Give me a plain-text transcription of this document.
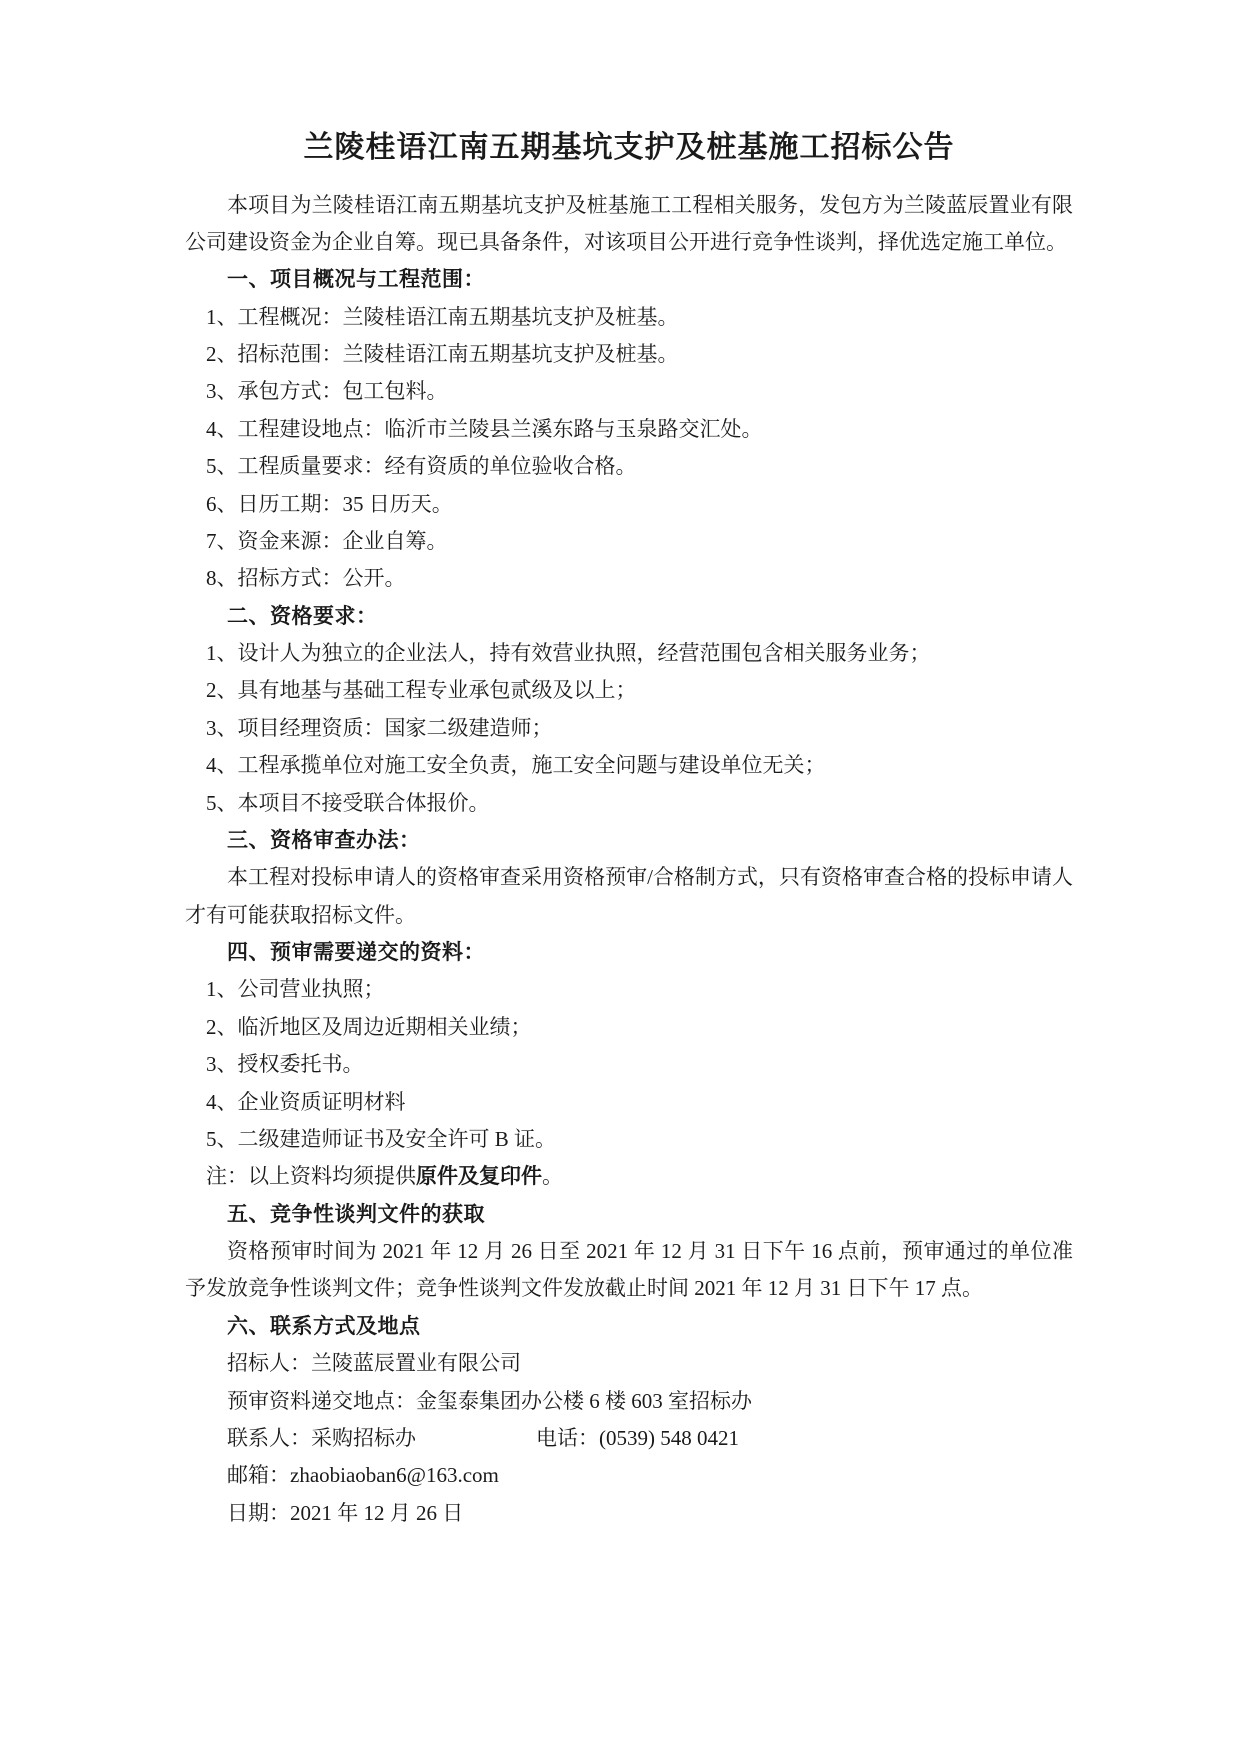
兰陵桂语江南五期基坑支护及桩基施工招标公告

本项目为兰陵桂语江南五期基坑支护及桩基施工工程相关服务，发包方为兰陵蓝辰置业有限公司建设资金为企业自筹。现已具备条件，对该项目公开进行竞争性谈判，择优选定施工单位。

一、项目概况与工程范围：

1、工程概况：兰陵桂语江南五期基坑支护及桩基。

2、招标范围：兰陵桂语江南五期基坑支护及桩基。

3、承包方式：包工包料。

4、工程建设地点：临沂市兰陵县兰溪东路与玉泉路交汇处。

5、工程质量要求：经有资质的单位验收合格。

6、日历工期：35 日历天。

7、资金来源：企业自筹。

8、招标方式：公开。

二、资格要求：

1、设计人为独立的企业法人，持有效营业执照，经营范围包含相关服务业务；

2、具有地基与基础工程专业承包贰级及以上；

3、项目经理资质：国家二级建造师；

4、工程承揽单位对施工安全负责，施工安全问题与建设单位无关；

5、本项目不接受联合体报价。

三、资格审查办法：

本工程对投标申请人的资格审查采用资格预审/合格制方式，只有资格审查合格的投标申请人才有可能获取招标文件。

四、预审需要递交的资料：

1、公司营业执照；

2、临沂地区及周边近期相关业绩；

3、授权委托书。

4、企业资质证明材料

5、二级建造师证书及安全许可 B 证。

注：以上资料均须提供原件及复印件。

五、竞争性谈判文件的获取

资格预审时间为 2021 年 12 月 26 日至 2021 年 12 月 31 日下午 16 点前，预审通过的单位准予发放竞争性谈判文件；竞争性谈判文件发放截止时间 2021 年 12 月 31 日下午 17 点。

六、联系方式及地点

招标人：兰陵蓝辰置业有限公司

预审资料递交地点：金玺泰集团办公楼 6 楼 603 室招标办

联系人：采购招标办	电话：(0539) 548 0421

邮箱：zhaobiaoban6@163.com

日期：2021 年 12 月 26 日
